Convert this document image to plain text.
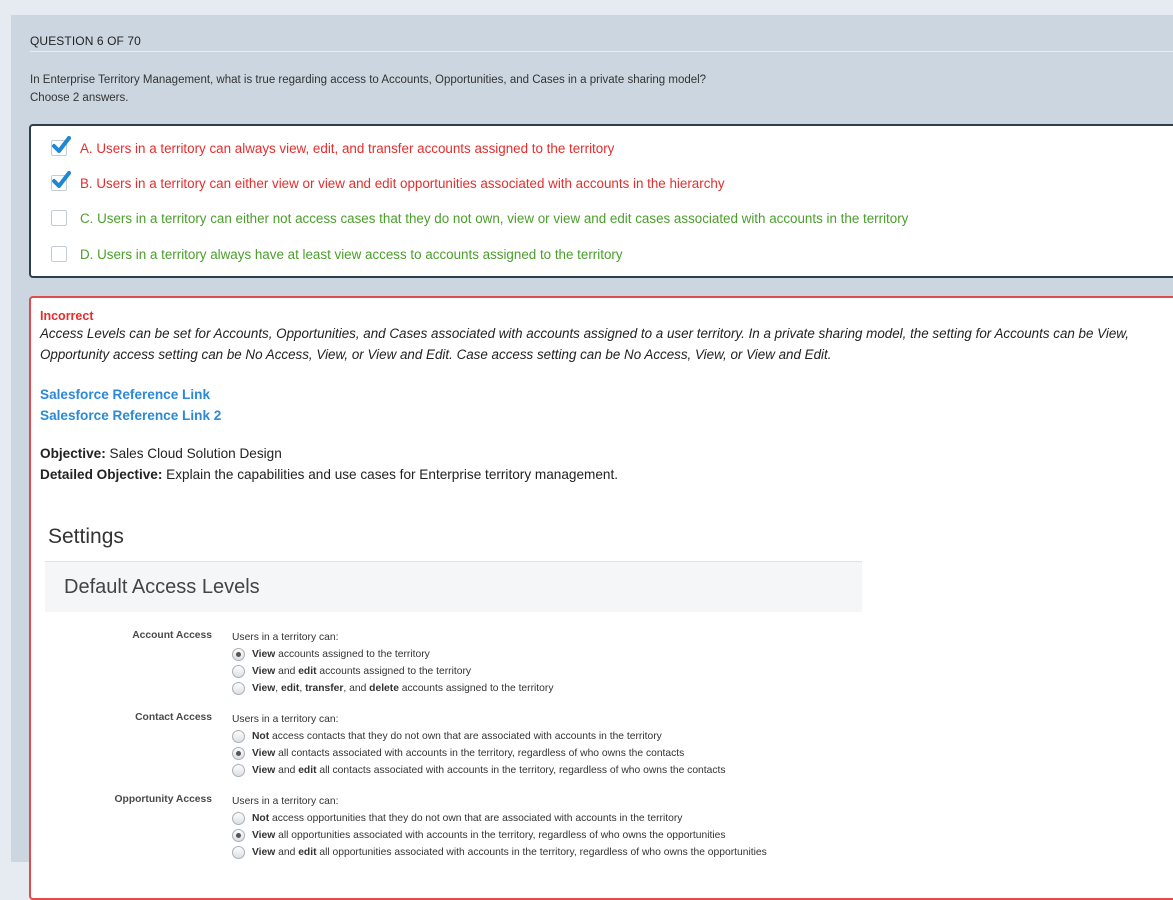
QUESTION 6 OF 70
In Enterprise Territory Management, what is true regarding access to Accounts, Opportunities, and Cases in a private sharing model?
Choose 2 answers.
A. Users in a territory can always view, edit, and transfer accounts assigned to the territory
B. Users in a territory can either view or view and edit opportunities associated with accounts in the hierarchy
C. Users in a territory can either not access cases that they do not own, view or view and edit cases associated with accounts in the territory
D. Users in a territory always have at least view access to accounts assigned to the territory
Incorrect
Access Levels can be set for Accounts, Opportunities, and Cases associated with accounts assigned to a user territory. In a private sharing model, the setting for Accounts can be View,
Opportunity access setting can be No Access, View, or View and Edit. Case access setting can be No Access, View, or View and Edit.
Salesforce Reference Link
Salesforce Reference Link 2
Objective: Sales Cloud Solution Design
Detailed Objective: Explain the capabilities and use cases for Enterprise territory management.
Settings
Default Access Levels
Account Access Users in a territory can:
View accounts assigned to the territory
View and edit accounts assigned to the territory
View, edit, transfer, and delete accounts assigned to the territory
Contact Access Users in a territory can:
Not access contacts that they do not own that are associated with accounts in the territory
View all contacts associated with accounts in the territory, regardless of who owns the contacts
View and edit all contacts associated with accounts in the territory, regardless of who owns the contacts
Opportunity Access Users in a territory can:
Not access opportunities that they do not own that are associated with accounts in the territory
View all opportunities associated with accounts in the territory, regardless of who owns the opportunities
View and edit all opportunities associated with accounts in the territory, regardless of who owns the opportunities
